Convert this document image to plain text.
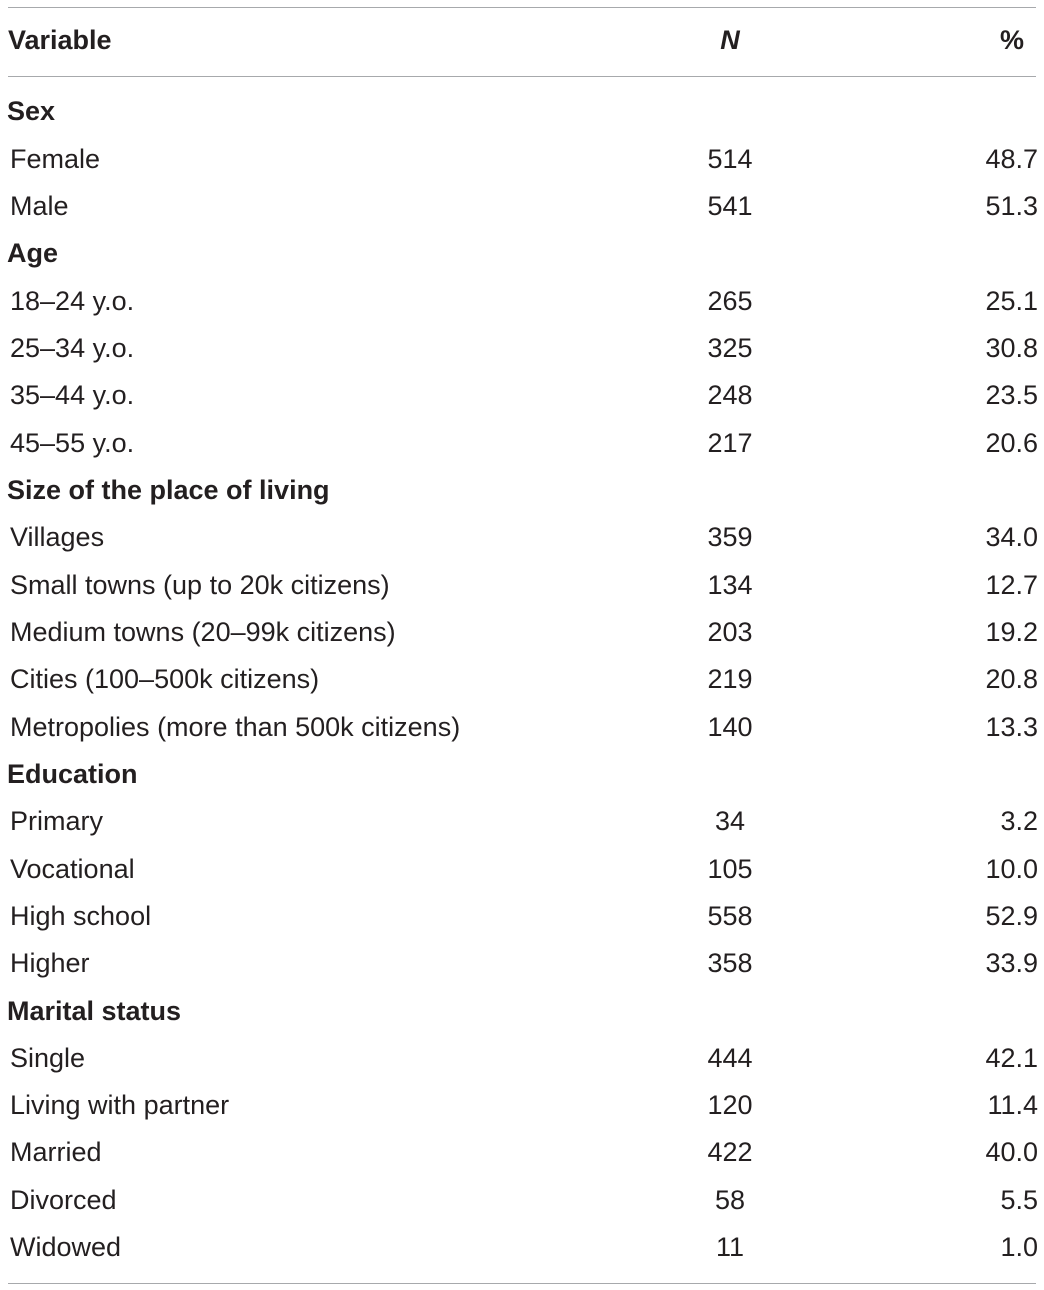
Variable	N	%
Sex
Female	514	48.7
Male	541	51.3
Age
18–24 y.o.	265	25.1
25–34 y.o.	325	30.8
35–44 y.o.	248	23.5
45–55 y.o.	217	20.6
Size of the place of living
Villages	359	34.0
Small towns (up to 20k citizens)	134	12.7
Medium towns (20–99k citizens)	203	19.2
Cities (100–500k citizens)	219	20.8
Metropolies (more than 500k citizens)	140	13.3
Education
Primary	34	3.2
Vocational	105	10.0
High school	558	52.9
Higher	358	33.9
Marital status
Single	444	42.1
Living with partner	120	11.4
Married	422	40.0
Divorced	58	5.5
Widowed	11	1.0
